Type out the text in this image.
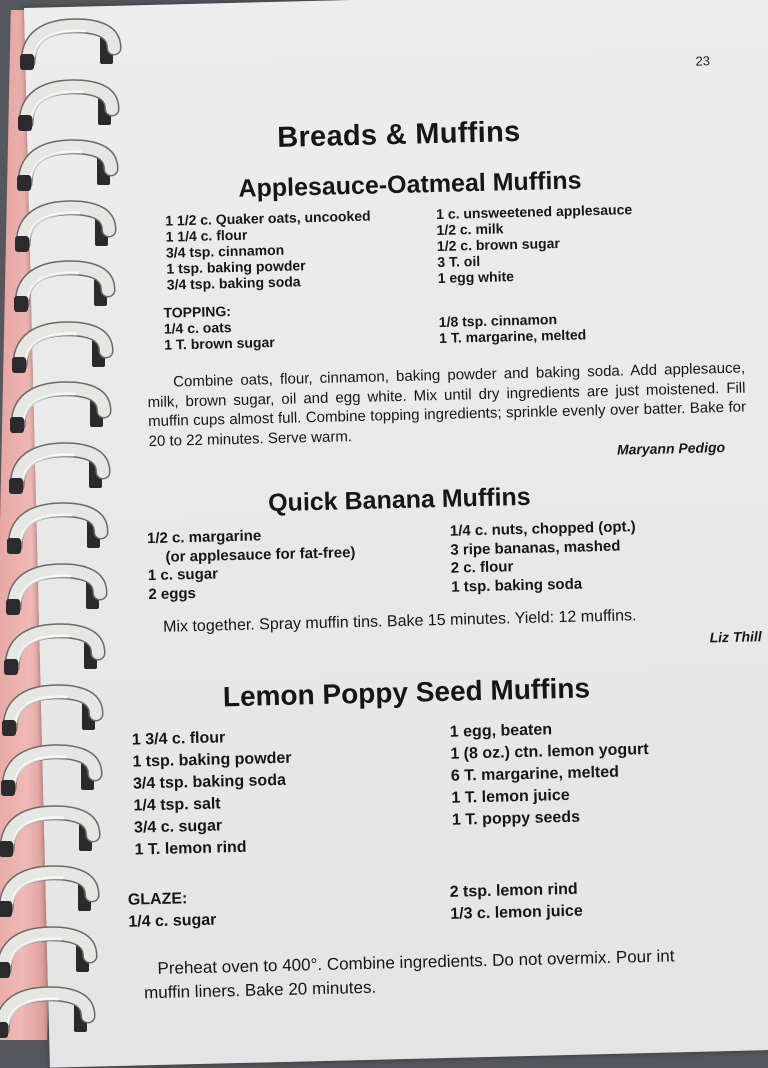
23
Breads & Muffins
Applesauce-Oatmeal Muffins
1 1/2 c. Quaker oats, uncooked
1 1/4 c. flour
3/4 tsp. cinnamon
1 tsp. baking powder
3/4 tsp. baking soda
1 c. unsweetened applesauce
1/2 c. milk
1/2 c. brown sugar
3 T. oil
1 egg white
TOPPING:
1/4 c. oats
1 T. brown sugar
1/8 tsp. cinnamon
1 T. margarine, melted
Combine oats, flour, cinnamon, baking powder and baking soda. Add applesauce, milk, brown sugar, oil and egg white. Mix until dry ingredients are just moistened. Fill muffin cups almost full. Combine topping ingredients; sprinkle evenly over batter. Bake for 20 to 22 minutes. Serve warm.	Maryann Pedigo
Quick Banana Muffins
1/2 c. margarine
(or applesauce for fat-free)
1 c. sugar
2 eggs
1/4 c. nuts, chopped (opt.)
3 ripe bananas, mashed
2 c. flour
1 tsp. baking soda
Mix together. Spray muffin tins. Bake 15 minutes. Yield: 12 muffins.
Liz Thill
Lemon Poppy Seed Muffins
1 3/4 c. flour
1 tsp. baking powder
3/4 tsp. baking soda
1/4 tsp. salt
3/4 c. sugar
1 T. lemon rind
1 egg, beaten
1 (8 oz.) ctn. lemon yogurt
6 T. margarine, melted
1 T. lemon juice
1 T. poppy seeds
GLAZE:
1/4 c. sugar
2 tsp. lemon rind
1/3 c. lemon juice
Preheat oven to 400°. Combine ingredients. Do not overmix. Pour int
muffin liners. Bake 20 minutes.
